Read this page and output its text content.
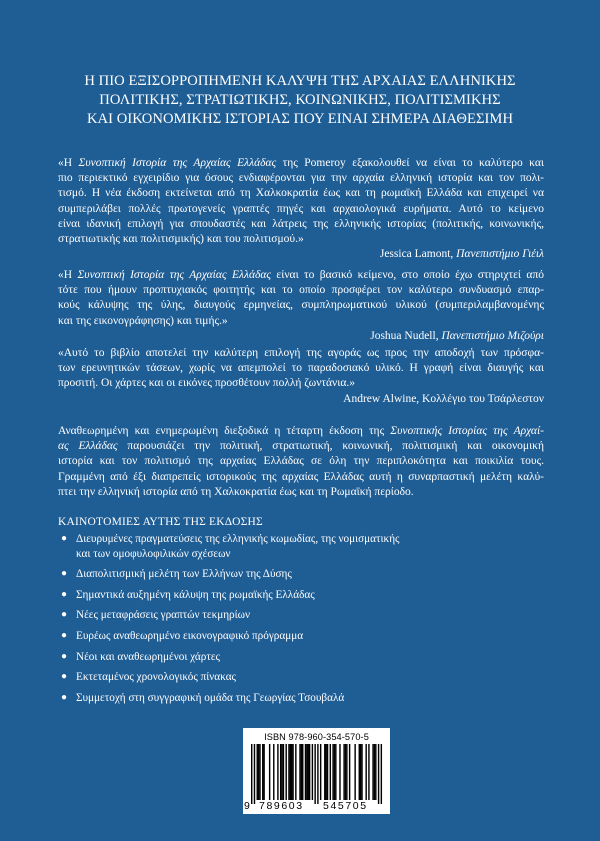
Η ΠΙΟ ΕΞΙΣΟΡΡΟΠΗΜΕΝΗ ΚΑΛΥΨΗ ΤΗΣ ΑΡΧΑΙΑΣ ΕΛΛΗΝΙΚΗΣ
ΠΟΛΙΤΙΚΗΣ, ΣΤΡΑΤΙΩΤΙΚΗΣ, ΚΟΙΝΩΝΙΚΗΣ, ΠΟΛΙΤΙΣΜΙΚΗΣ
ΚΑΙ ΟΙΚΟΝΟΜΙΚΗΣ ΙΣΤΟΡΙΑΣ ΠΟΥ ΕΙΝΑΙ ΣΗΜΕΡΑ ΔΙΑΘΕΣΙΜΗ
«Η Συνοπτική Ιστορία της Αρχαίας Ελλάδας της Pomeroy εξακολουθεί να είναι το καλύτερο και
πιο περιεκτικό εγχειρίδιο για όσους ενδιαφέρονται για την αρχαία ελληνική ιστορία και τον πολι-
τισμό. Η νέα έκδοση εκτείνεται από τη Χαλκοκρατία έως και τη ρωμαϊκή Ελλάδα και επιχειρεί να
συμπεριλάβει πολλές πρωτογενείς γραπτές πηγές και αρχαιολογικά ευρήματα. Αυτό το κείμενο
είναι ιδανική επιλογή για σπουδαστές και λάτρεις της ελληνικής ιστορίας (πολιτικής, κοινωνικής,
στρατιωτικής και πολιτισμικής) και του πολιτισμού.»
Jessica Lamont, Πανεπιστήμιο Γιέιλ
«Η Συνοπτική Ιστορία της Αρχαίας Ελλάδας είναι το βασικό κείμενο, στο οποίο έχω στηριχτεί από
τότε που ήμουν προπτυχιακός φοιτητής και το οποίο προσφέρει τον καλύτερο συνδυασμό επαρ-
κούς κάλυψης της ύλης, διαυγούς ερμηνείας, συμπληρωματικού υλικού (συμπεριλαμβανομένης
και της εικονογράφησης) και τιμής.»
Joshua Nudell, Πανεπιστήμιο Μιζούρι
«Αυτό το βιβλίο αποτελεί την καλύτερη επιλογή της αγοράς ως προς την αποδοχή των πρόσφα-
των ερευνητικών τάσεων, χωρίς να απεμπολεί το παραδοσιακό υλικό. Η γραφή είναι διαυγής και
προσιτή. Οι χάρτες και οι εικόνες προσθέτουν πολλή ζωντάνια.»
Andrew Alwine, Κολλέγιο του Τσάρλεστον
Αναθεωρημένη και ενημερωμένη διεξοδικά η τέταρτη έκδοση της Συνοπτικής Ιστορίας της Αρχαί-
ας Ελλάδας παρουσιάζει την πολιτική, στρατιωτική, κοινωνική, πολιτισμική και οικονομική
ιστορία και τον πολιτισμό της αρχαίας Ελλάδας σε όλη την περιπλοκότητα και ποικιλία τους.
Γραμμένη από έξι διαπρεπείς ιστορικούς της αρχαίας Ελλάδας αυτή η συναρπαστική μελέτη καλύ-
πτει την ελληνική ιστορία από τη Χαλκοκρατία έως και τη Ρωμαϊκή περίοδο.
ΚΑΙΝΟΤΟΜΙΕΣ ΑΥΤΗΣ ΤΗΣ ΕΚΔΟΣΗΣ
● Διευρυμένες πραγματεύσεις της ελληνικής κωμωδίας, της νομισματικής
και των ομοφυλοφιλικών σχέσεων
● Διαπολιτισμική μελέτη των Ελλήνων της Δύσης
● Σημαντικά αυξημένη κάλυψη της ρωμαϊκής Ελλάδας
● Νέες μεταφράσεις γραπτών τεκμηρίων
● Ευρέως αναθεωρημένο εικονογραφικό πρόγραμμα
● Νέοι και αναθεωρημένοι χάρτες
● Εκτεταμένος χρονολογικός πίνακας
● Συμμετοχή στη συγγραφική ομάδα της Γεωργίας Τσουβαλά
ISBN 978-960-354-570-5
9 789603 545705
